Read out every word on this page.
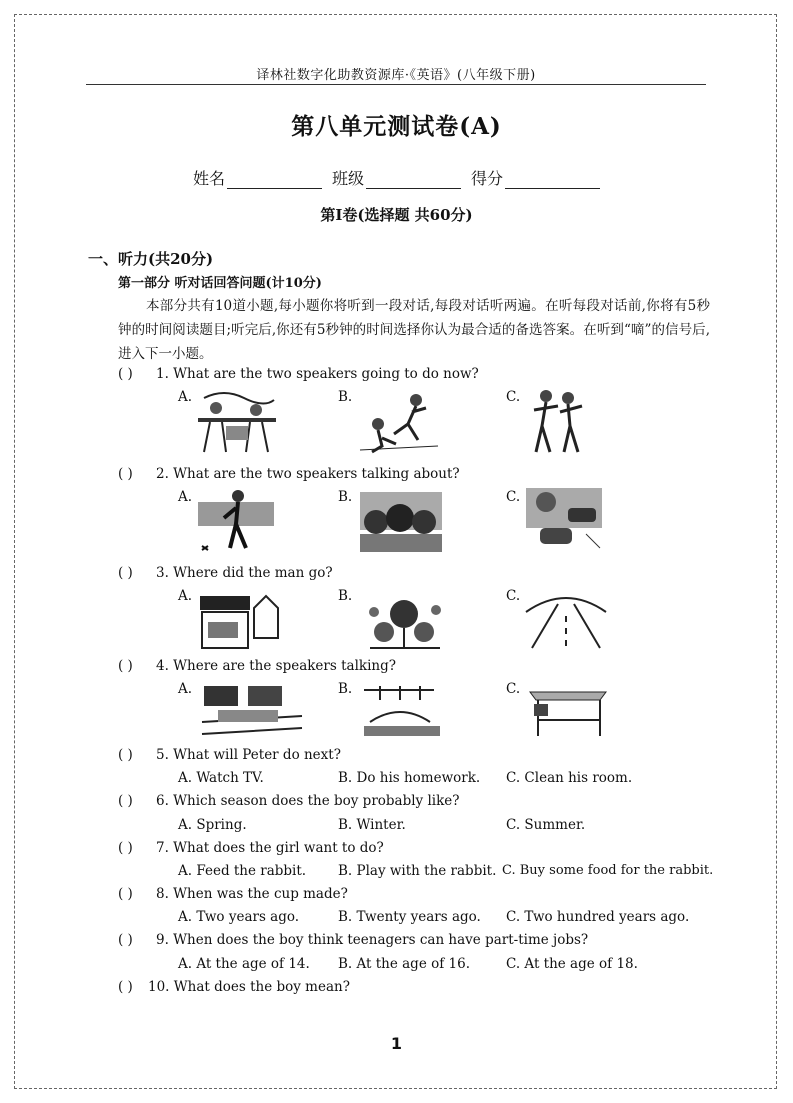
译林社数字化助教资源库·《英语》(八年级下册)
第八单元测试卷(A)
姓名	班级	得分
第Ⅰ卷(选择题 共60分)
一、听力(共20分)
第一部分 听对话回答问题(计10分)
本部分共有10道小题,每小题你将听到一段对话,每段对话听两遍。在听每段对话前,你将有5秒钟的时间阅读题目;听完后,你还有5秒钟的时间选择你认为最合适的备选答案。在听到“嘀”的信号后,进入下一小题。
( ) 1. What are the two speakers going to do now?
A.	B.	C.
( ) 2. What are the two speakers talking about?
A.	B.	C.
( ) 3. Where did the man go?
A.	B.	C.
( ) 4. Where are the speakers talking?
A.	B.	C.
( ) 5. What will Peter do next?
A. Watch TV.	B. Do his homework. C. Clean his room.
( ) 6. Which season does the boy probably like?
A. Spring.	B. Winter.	C. Summer.
( ) 7. What does the girl want to do?
A. Feed the rabbit. B. Play with the rabbit. C. Buy some food for the rabbit.
( ) 8. When was the cup made?
A. Two years ago.	B. Twenty years ago. C. Two hundred years ago.
( ) 9. When does the boy think teenagers can have part-time jobs?
A. At the age of 14. B. At the age of 16.	C. At the age of 18.
( ) 10. What does the boy mean?
1
